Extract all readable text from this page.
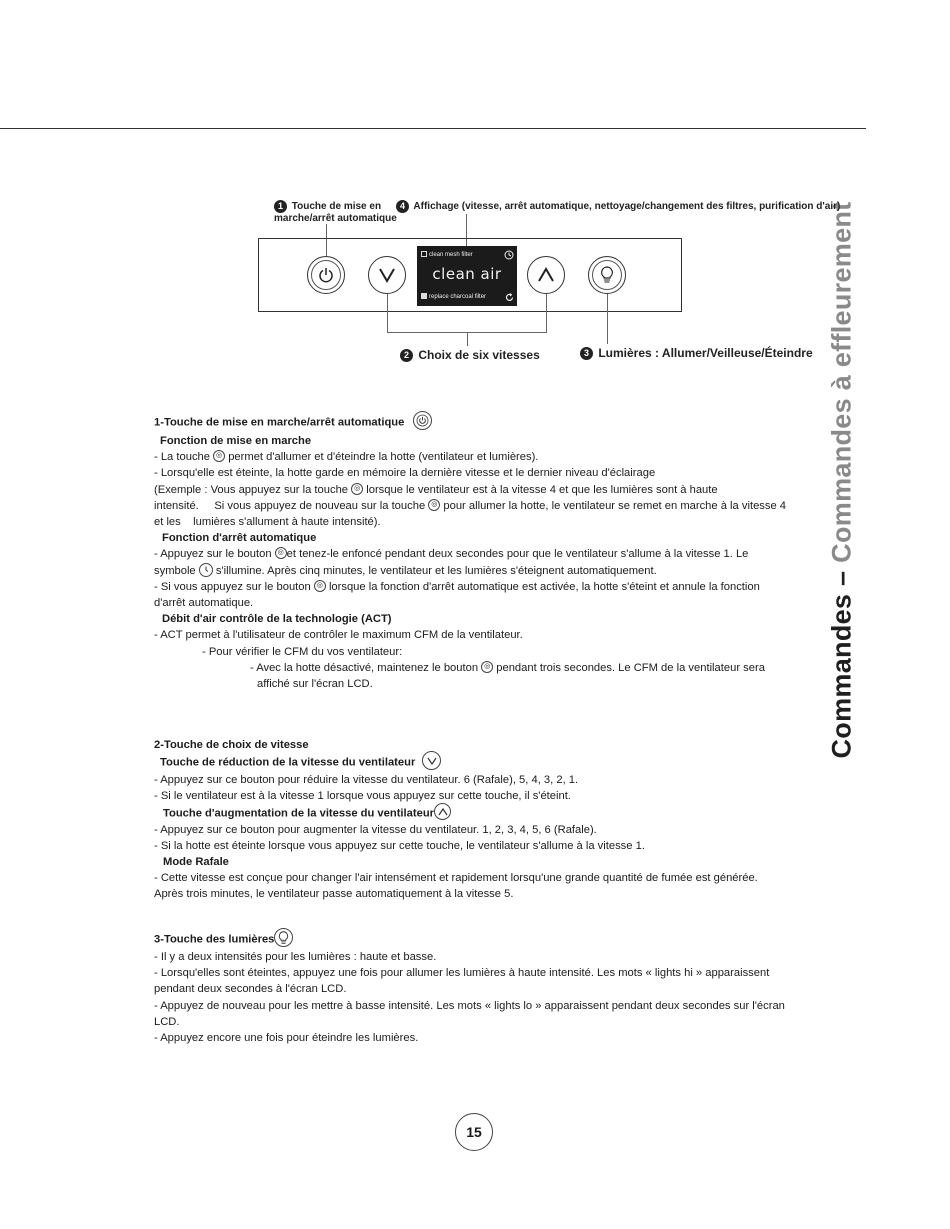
Commandes – Commandes à effleurement
1 Touche de mise en marche/arrêt automatique
4 Affichage (vitesse, arrêt automatique, nettoyage/changement des filtres, purification d'air)
clean mesh filter
clean air
replace charcoal filter
2 Choix de six vitesses	3 Lumières : Allumer/Veilleuse/Éteindre

1-Touche de mise en marche/arrêt automatique

Fonction de mise en marche

- La touche ◎ permet d'allumer et d'éteindre la hotte (ventilateur et lumières).

- Lorsqu'elle est éteinte, la hotte garde en mémoire la dernière vitesse et le dernier niveau d'éclairage

(Exemple : Vous appuyez sur la touche ◎ lorsque le ventilateur est à la vitesse 4 et que les lumières sont à haute

intensité.     Si vous appuyez de nouveau sur la touche ◎ pour allumer la hotte, le ventilateur se remet en marche à la vitesse 4

et les    lumières s'allument à haute intensité).

Fonction d'arrêt automatique

- Appuyez sur le bouton ◎ et tenez-le enfoncé pendant deux secondes pour que le ventilateur s'allume à la vitesse 1. Le

symbole s'illumine. Après cinq minutes, le ventilateur et les lumières s'éteignent automatiquement.

- Si vous appuyez sur le bouton ◎ lorsque la fonction d'arrêt automatique est activée, la hotte s'éteint et annule la fonction

d'arrêt automatique.

Débit d'air contrôle de la technologie (ACT)

- ACT permet à l'utilisateur de contrôler le maximum CFM de la ventilateur.

- Pour vérifier le CFM du vos ventilateur:

- Avec la hotte désactivé, maintenez le bouton ◎ pendant trois secondes. Le CFM de la ventilateur sera

affiché sur l'écran LCD.

2-Touche de choix de vitesse

Touche de réduction de la vitesse du ventilateur

- Appuyez sur ce bouton pour réduire la vitesse du ventilateur. 6 (Rafale), 5, 4, 3, 2, 1.

- Si le ventilateur est à la vitesse 1 lorsque vous appuyez sur cette touche, il s'éteint.

Touche d'augmentation de la vitesse du ventilateur

- Appuyez sur ce bouton pour augmenter la vitesse du ventilateur. 1, 2, 3, 4, 5, 6 (Rafale).

- Si la hotte est éteinte lorsque vous appuyez sur cette touche, le ventilateur s'allume à la vitesse 1.

Mode Rafale

- Cette vitesse est conçue pour changer l'air intensément et rapidement lorsqu'une grande quantité de fumée est générée.

Après trois minutes, le ventilateur passe automatiquement à la vitesse 5.

3-Touche des lumières

- Il y a deux intensités pour les lumières : haute et basse.

- Lorsqu'elles sont éteintes, appuyez une fois pour allumer les lumières à haute intensité. Les mots « lights hi » apparaissent

pendant deux secondes à l'écran LCD.

- Appuyez de nouveau pour les mettre à basse intensité. Les mots « lights lo » apparaissent pendant deux secondes sur l'écran

LCD.

- Appuyez encore une fois pour éteindre les lumières.

15
